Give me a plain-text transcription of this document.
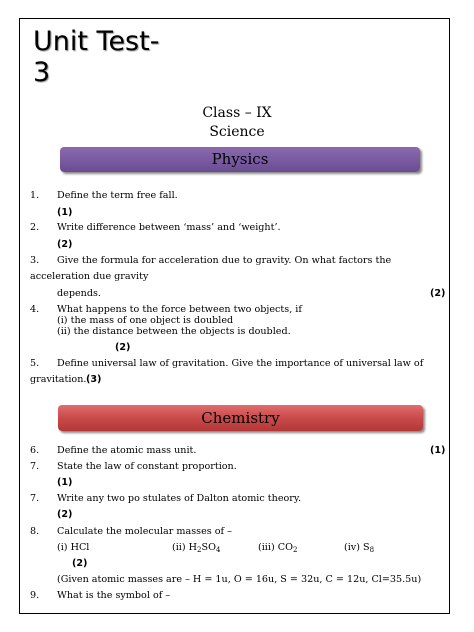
Unit Test-
3
Class – IX
Science
Physics
1. Define the term free fall.
(1)
2. Write difference between ‘mass’ and ‘weight’.
(2)
3. Give the formula for acceleration due to gravity. On what factors the
acceleration due gravity
depends.	(2)
4. What happens to the force between two objects, if
(i) the mass of one object is doubled
(ii) the distance between the objects is doubled.
(2)
5. Define universal law of gravitation. Give the importance of universal law of
gravitation. (3)
Chemistry
6. Define the atomic mass unit.	(1)
7. State the law of constant proportion.
(1)
7. Write any two po stulates of Dalton atomic theory.
(2)
8. Calculate the molecular masses of –
(i) HCl	(ii) $H_2SO_4$	(iii) $CO_2$	(iv) $S_8$
(2)
(Given atomic masses are – H = 1u, O = 16u, S = 32u, C = 12u, Cl=35.5u)
9. What is the symbol of –
